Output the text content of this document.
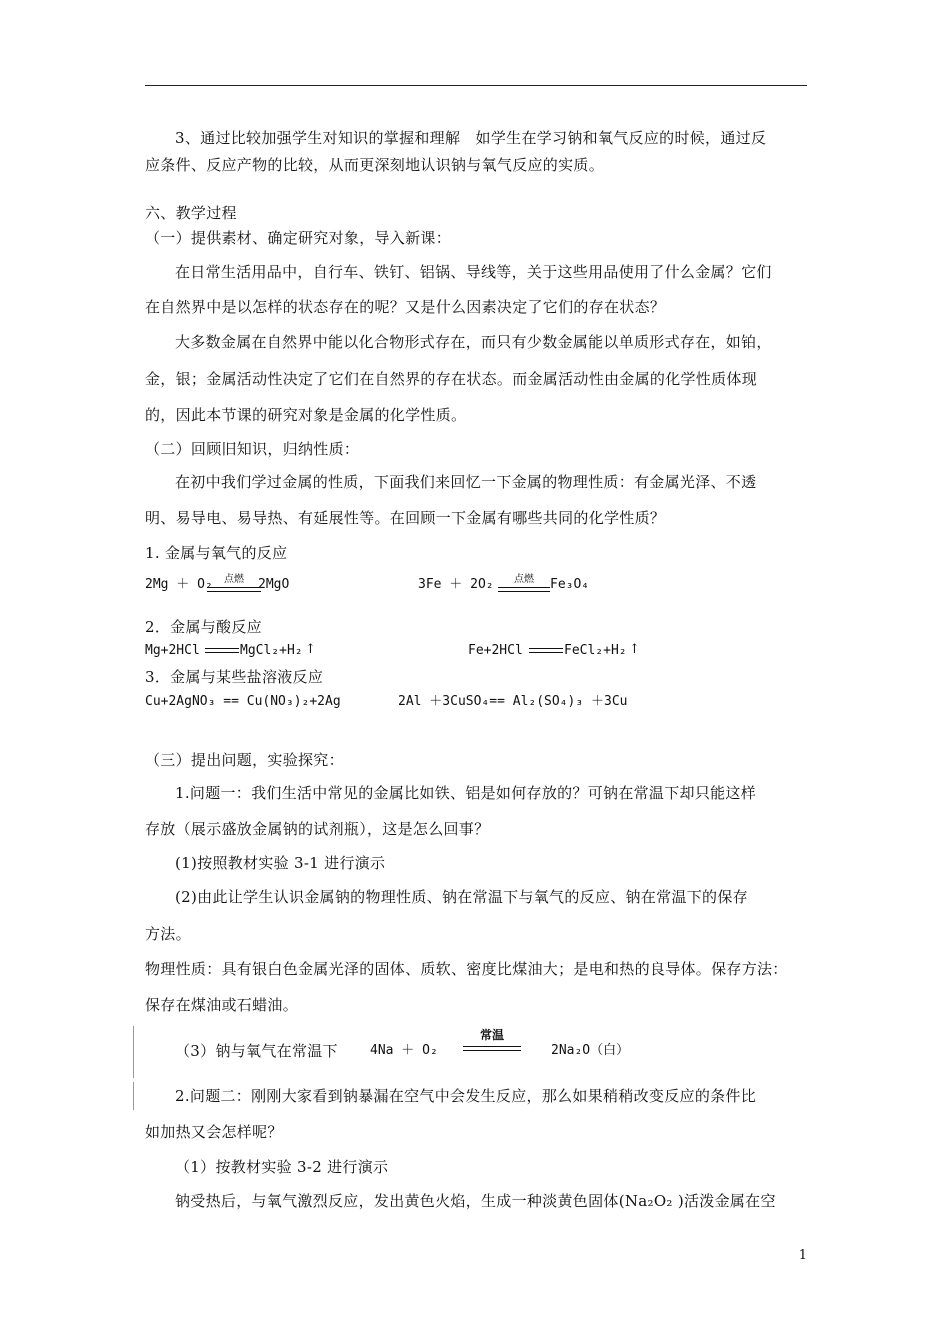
3、通过比较加强学生对知识的掌握和理解　如学生在学习钠和氧气反应的时候，通过反
应条件、反应产物的比较，从而更深刻地认识钠与氧气反应的实质。
六、教学过程
（一）提供素材、确定研究对象，导入新课：
在日常生活用品中，自行车、铁钉、铝锅、导线等，关于这些用品使用了什么金属？它们
在自然界中是以怎样的状态存在的呢？又是什么因素决定了它们的存在状态？
大多数金属在自然界中能以化合物形式存在，而只有少数金属能以单质形式存在，如铂，
金，银；金属活动性决定了它们在自然界的存在状态。而金属活动性由金属的化学性质体现
的，因此本节课的研究对象是金属的化学性质。
（二）回顾旧知识，归纳性质：
在初中我们学过金属的性质，下面我们来回忆一下金属的物理性质：有金属光泽、不透
明、易导电、易导热、有延展性等。在回顾一下金属有哪些共同的化学性质？
1. 金属与氧气的反应
2Mg ＋ O₂	点燃	2MgO	3Fe ＋ 2O₂	点燃	Fe₃O₄
2．金属与酸反应
Mg+2HCl	MgCl₂+H₂ ↑	Fe+2HCl	FeCl₂+H₂ ↑
3．金属与某些盐溶液反应
Cu+2AgNO₃ == Cu(NO₃)₂+2Ag	2Al ＋3CuSO₄== Al₂(SO₄)₃ ＋3Cu
（三）提出问题，实验探究：
1.问题一：我们生活中常见的金属比如铁、铝是如何存放的？可钠在常温下却只能这样
存放（展示盛放金属钠的试剂瓶），这是怎么回事？
(1)按照教材实验 3-1 进行演示
(2)由此让学生认识金属钠的物理性质、钠在常温下与氧气的反应、钠在常温下的保存
方法。
物理性质：具有银白色金属光泽的固体、质软、密度比煤油大；是电和热的良导体。保存方法：
保存在煤油或石蜡油。
（3）钠与氧气在常温下 4Na ＋ O₂
常温
2Na₂O（白）
2.问题二：刚刚大家看到钠暴漏在空气中会发生反应，那么如果稍稍改变反应的条件比
如加热又会怎样呢？
（1）按教材实验 3-2 进行演示
钠受热后，与氧气激烈反应，发出黄色火焰，生成一种淡黄色固体(Na₂O₂ )活泼金属在空
1
